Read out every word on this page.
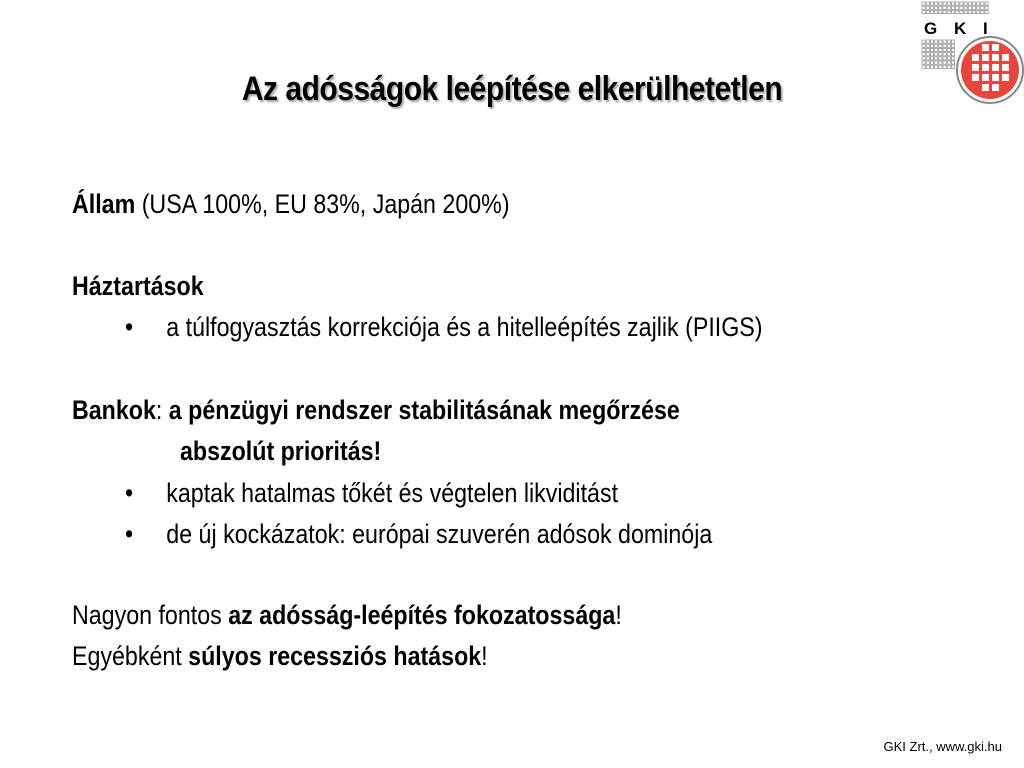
G K I
Az adósságok leépítése elkerülhetetlen
Állam (USA 100%, EU 83%, Japán 200%)
Háztartások
• a túlfogyasztás korrekciója és a hitelleépítés zajlik (PIIGS)
Bankok: a pénzügyi rendszer stabilitásának megőrzése
abszolút prioritás!
• kaptak hatalmas tőkét és végtelen likviditást
• de új kockázatok: európai szuverén adósok dominója
Nagyon fontos az adósság-leépítés fokozatossága!
Egyébként súlyos recessziós hatások!
GKI Zrt., www.gki.hu
